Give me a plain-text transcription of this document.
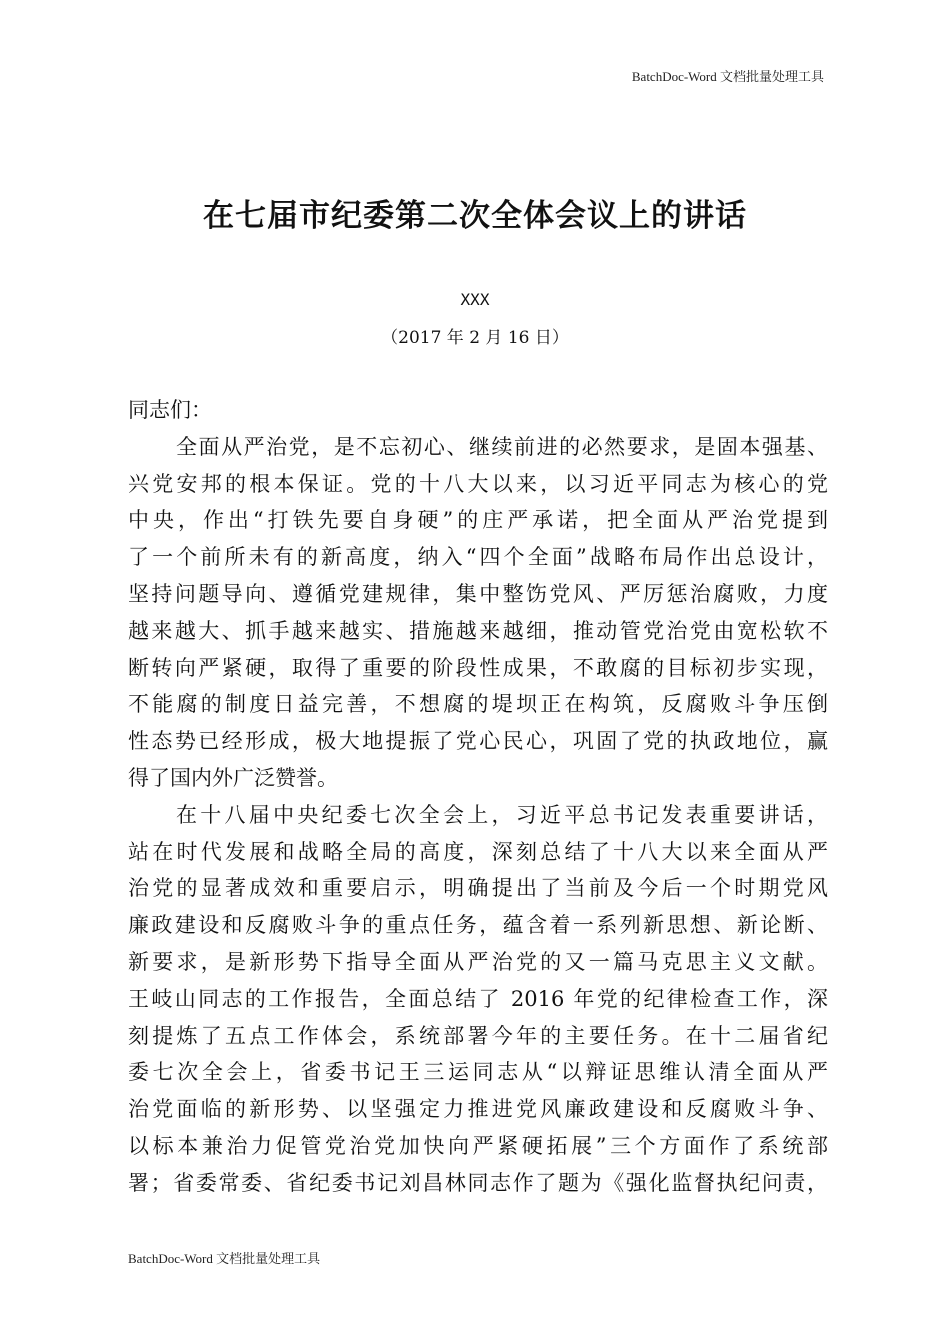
BatchDoc-Word 文档批量处理工具
在七届市纪委第二次全体会议上的讲话
XXX
（2017 年 2 月 16 日）

同志们：

全面从严治党，是不忘初心、继续前进的必然要求，是固本强基、
兴党安邦的根本保证。党的十八大以来，以习近平同志为核心的党
中央，作出“打铁先要自身硬”的庄严承诺，把全面从严治党提到
了一个前所未有的新高度，纳入“四个全面”战略布局作出总设计，
坚持问题导向、遵循党建规律，集中整饬党风、严厉惩治腐败，力度
越来越大、抓手越来越实、措施越来越细，推动管党治党由宽松软不
断转向严紧硬，取得了重要的阶段性成果，不敢腐的目标初步实现，
不能腐的制度日益完善，不想腐的堤坝正在构筑，反腐败斗争压倒
性态势已经形成，极大地提振了党心民心，巩固了党的执政地位，赢
得了国内外广泛赞誉。

在十八届中央纪委七次全会上，习近平总书记发表重要讲话，
站在时代发展和战略全局的高度，深刻总结了十八大以来全面从严
治党的显著成效和重要启示，明确提出了当前及今后一个时期党风
廉政建设和反腐败斗争的重点任务，蕴含着一系列新思想、新论断、
新要求，是新形势下指导全面从严治党的又一篇马克思主义文献。
王岐山同志的工作报告，全面总结了 2016 年党的纪律检查工作，深
刻提炼了五点工作体会，系统部署今年的主要任务。在十二届省纪
委七次全会上，省委书记王三运同志从“以辩证思维认清全面从严
治党面临的新形势、以坚强定力推进党风廉政建设和反腐败斗争、
以标本兼治力促管党治党加快向严紧硬拓展”三个方面作了系统部
署；省委常委、省纪委书记刘昌林同志作了题为《强化监督执纪问责，

BatchDoc-Word 文档批量处理工具
